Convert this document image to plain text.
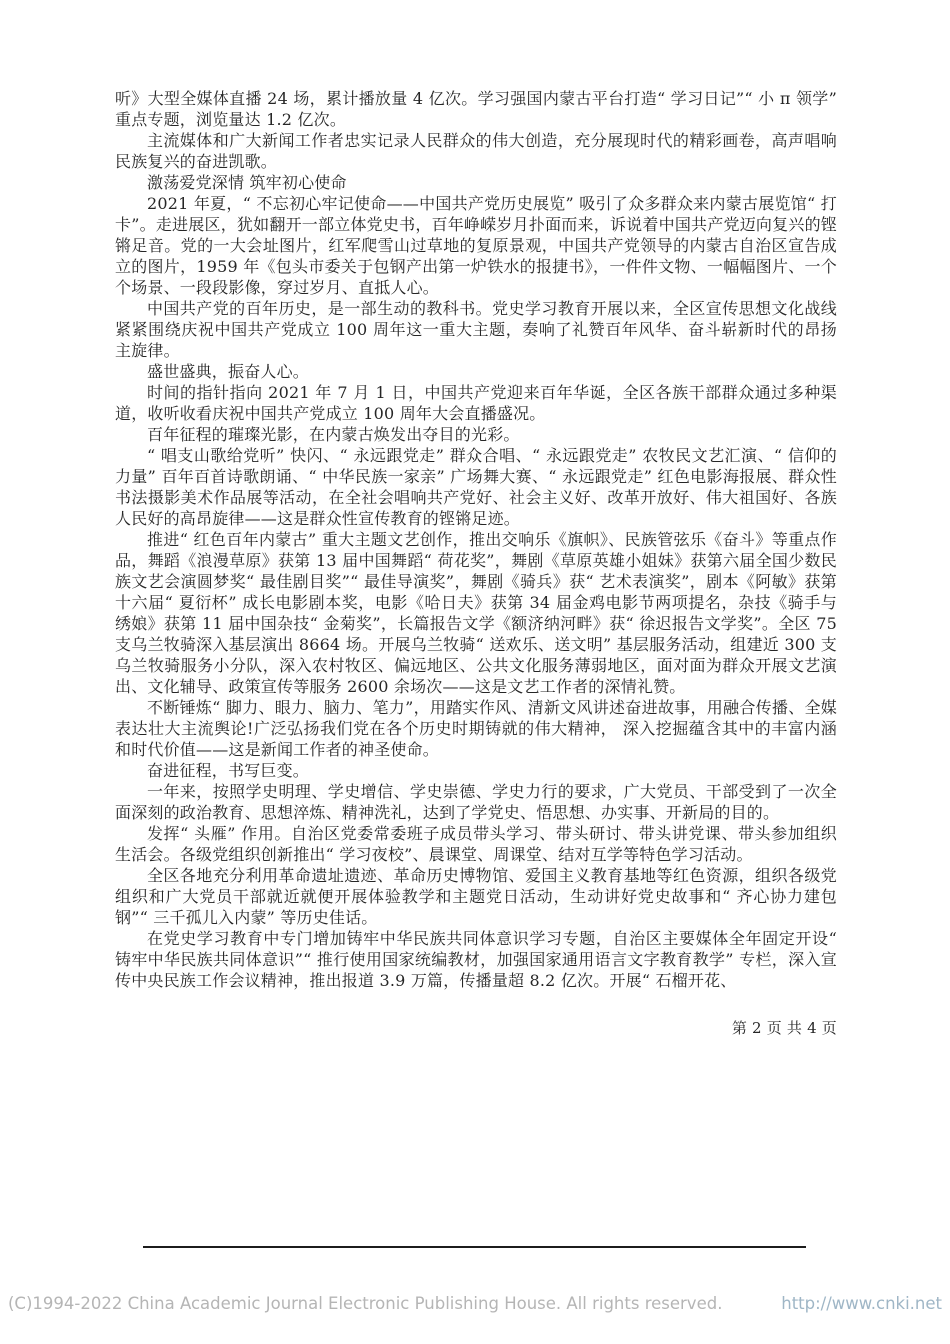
听》大型全媒体直播 24 场，累计播放量 4 亿次。学习强国内蒙古平台打造“ 学习日记”“ 小 π 领学” 重点专题，浏览量达 1.2 亿次。

主流媒体和广大新闻工作者忠实记录人民群众的伟大创造，充分展现时代的精彩画卷，高声唱响民族复兴的奋进凯歌。

激荡爱党深情 筑牢初心使命

2021 年夏，“ 不忘初心牢记使命——中国共产党历史展览” 吸引了众多群众来内蒙古展览馆“ 打卡”。走进展区，犹如翻开一部立体党史书，百年峥嵘岁月扑面而来，诉说着中国共产党迈向复兴的铿锵足音。党的一大会址图片，红军爬雪山过草地的复原景观，中国共产党领导的内蒙古自治区宣告成立的图片，1959 年《包头市委关于包钢产出第一炉铁水的报捷书》，一件件文物、一幅幅图片、一个个场景、一段段影像，穿过岁月、直抵人心。

中国共产党的百年历史，是一部生动的教科书。党史学习教育开展以来，全区宣传思想文化战线紧紧围绕庆祝中国共产党成立 100 周年这一重大主题，奏响了礼赞百年风华、奋斗崭新时代的昂扬主旋律。

盛世盛典，振奋人心。

时间的指针指向 2021 年 7 月 1 日，中国共产党迎来百年华诞，全区各族干部群众通过多种渠道，收听收看庆祝中国共产党成立 100 周年大会直播盛况。

百年征程的璀璨光影，在内蒙古焕发出夺目的光彩。

“ 唱支山歌给党听” 快闪、“ 永远跟党走” 群众合唱、“ 永远跟党走” 农牧民文艺汇演、“ 信仰的力量” 百年百首诗歌朗诵、“ 中华民族一家亲” 广场舞大赛、“ 永远跟党走” 红色电影海报展、群众性书法摄影美术作品展等活动，在全社会唱响共产党好、社会主义好、改革开放好、伟大祖国好、各族人民好的高昂旋律——这是群众性宣传教育的铿锵足迹。

推进“ 红色百年内蒙古” 重大主题文艺创作，推出交响乐《旗帜》、民族管弦乐《奋斗》等重点作品，舞蹈《浪漫草原》获第 13 届中国舞蹈“ 荷花奖”，舞剧《草原英雄小姐妹》获第六届全国少数民族文艺会演圆梦奖“ 最佳剧目奖”“ 最佳导演奖”，舞剧《骑兵》获“ 艺术表演奖”，剧本《阿敏》获第十六届“ 夏衍杯” 成长电影剧本奖，电影《哈日夫》获第 34 届金鸡电影节两项提名，杂技《骑手与绣娘》获第 11 届中国杂技“ 金菊奖”，长篇报告文学《额济纳河畔》获“ 徐迟报告文学奖”。全区 75 支乌兰牧骑深入基层演出 8664 场。开展乌兰牧骑“ 送欢乐、送文明” 基层服务活动，组建近 300 支乌兰牧骑服务小分队，深入农村牧区、偏远地区、公共文化服务薄弱地区，面对面为群众开展文艺演出、文化辅导、政策宣传等服务 2600 余场次——这是文艺工作者的深情礼赞。

不断锤炼“ 脚力、眼力、脑力、笔力”，用踏实作风、清新文风讲述奋进故事，用融合传播、全媒表达壮大主流舆论!广泛弘扬我们党在各个历史时期铸就的伟大精神， 深入挖掘蕴含其中的丰富内涵和时代价值——这是新闻工作者的神圣使命。

奋进征程，书写巨变。

一年来，按照学史明理、学史增信、学史崇德、学史力行的要求，广大党员、干部受到了一次全面深刻的政治教育、思想淬炼、精神洗礼，达到了学党史、悟思想、办实事、开新局的目的。

发挥“ 头雁” 作用。自治区党委常委班子成员带头学习、带头研讨、带头讲党课、带头参加组织生活会。各级党组织创新推出“ 学习夜校”、晨课堂、周课堂、结对互学等特色学习活动。

全区各地充分利用革命遗址遗迹、革命历史博物馆、爱国主义教育基地等红色资源，组织各级党组织和广大党员干部就近就便开展体验教学和主题党日活动，生动讲好党史故事和“ 齐心协力建包钢”“ 三千孤儿入内蒙” 等历史佳话。

在党史学习教育中专门增加铸牢中华民族共同体意识学习专题，自治区主要媒体全年固定开设“ 铸牢中华民族共同体意识”“ 推行使用国家统编教材，加强国家通用语言文字教育教学” 专栏，深入宣传中央民族工作会议精神，推出报道 3.9 万篇，传播量超 8.2 亿次。开展“ 石榴开花、

第 2 页 共 4 页
(C)1994-2022 China Academic Journal Electronic Publishing House. All rights reserved.	http://www.cnki.net
